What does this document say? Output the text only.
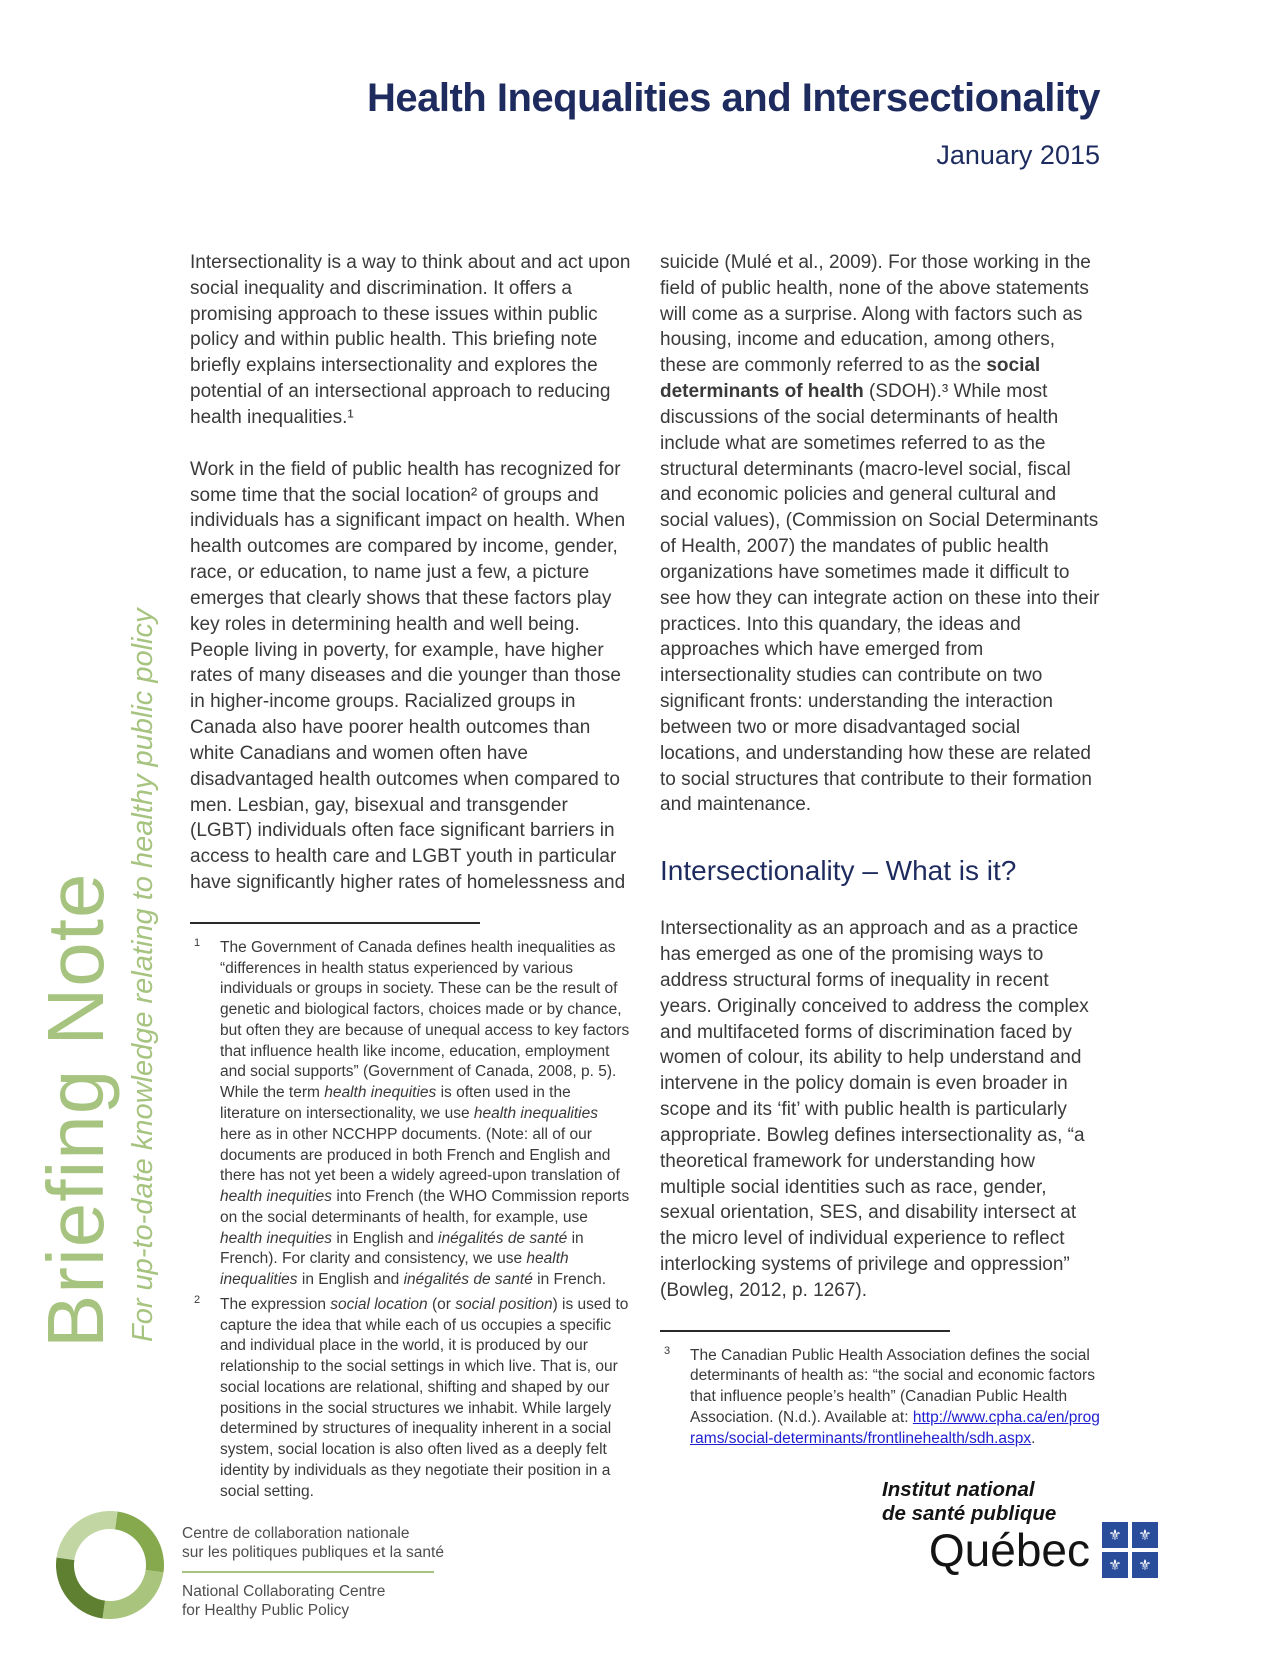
Health Inequalities and Intersectionality
January 2015
Briefing Note For up-to-date knowledge relating to healthy public policy

Intersectionality is a way to think about and act upon social inequality and discrimination. It offers a promising approach to these issues within public policy and within public health. This briefing note briefly explains intersectionality and explores the potential of an intersectional approach to reducing health inequalities.¹

Work in the field of public health has recognized for some time that the social location² of groups and individuals has a significant impact on health. When health outcomes are compared by income, gender, race, or education, to name just a few, a picture emerges that clearly shows that these factors play key roles in determining health and well being. People living in poverty, for example, have higher rates of many diseases and die younger than those in higher-income groups. Racialized groups in Canada also have poorer health outcomes than white Canadians and women often have disadvantaged health outcomes when compared to men. Lesbian, gay, bisexual and transgender (LGBT) individuals often face significant barriers in access to health care and LGBT youth in particular have significantly higher rates of homelessness and

1 The Government of Canada defines health inequalities as “differences in health status experienced by various individuals or groups in society. These can be the result of genetic and biological factors, choices made or by chance, but often they are because of unequal access to key factors that influence health like income, education, employment and social supports” (Government of Canada, 2008, p. 5). While the term health inequities is often used in the literature on intersectionality, we use health inequalities here as in other NCCHPP documents. (Note: all of our documents are produced in both French and English and there has not yet been a widely agreed-upon translation of health inequities into French (the WHO Commission reports on the social determinants of health, for example, use health inequities in English and inégalités de santé in French). For clarity and consistency, we use health inequalities in English and inégalités de santé in French.
2 The expression social location (or social position) is used to capture the idea that while each of us occupies a specific and individual place in the world, it is produced by our relationship to the social settings in which live. That is, our social locations are relational, shifting and shaped by our positions in the social structures we inhabit. While largely determined by structures of inequality inherent in a social system, social location is also often lived as a deeply felt identity by individuals as they negotiate their position in a social setting.

suicide (Mulé et al., 2009). For those working in the field of public health, none of the above statements will come as a surprise. Along with factors such as housing, income and education, among others, these are commonly referred to as the social determinants of health (SDOH).³ While most discussions of the social determinants of health include what are sometimes referred to as the structural determinants (macro-level social, fiscal and economic policies and general cultural and social values), (Commission on Social Determinants of Health, 2007) the mandates of public health organizations have sometimes made it difficult to see how they can integrate action on these into their practices. Into this quandary, the ideas and approaches which have emerged from intersectionality studies can contribute on two significant fronts: understanding the interaction between two or more disadvantaged social locations, and understanding how these are related to social structures that contribute to their formation and maintenance.

Intersectionality – What is it?

Intersectionality as an approach and as a practice has emerged as one of the promising ways to address structural forms of inequality in recent years. Originally conceived to address the complex and multifaceted forms of discrimination faced by women of colour, its ability to help understand and intervene in the policy domain is even broader in scope and its ‘fit’ with public health is particularly appropriate. Bowleg defines intersectionality as, “a theoretical framework for understanding how multiple social identities such as race, gender, sexual orientation, SES, and disability intersect at the micro level of individual experience to reflect interlocking systems of privilege and oppression” (Bowleg, 2012, p. 1267).

3 The Canadian Public Health Association defines the social determinants of health as: “the social and economic factors that influence people’s health” (Canadian Public Health Association. (N.d.). Available at: http://www.cpha.ca/en/programs/social-determinants/frontlinehealth/sdh.aspx.
Centre de collaboration nationale
sur les politiques publiques et la santé
National Collaborating Centre
for Healthy Public Policy
Institut national
de santé publique
Québec ⚜ ⚜
⚜ ⚜
